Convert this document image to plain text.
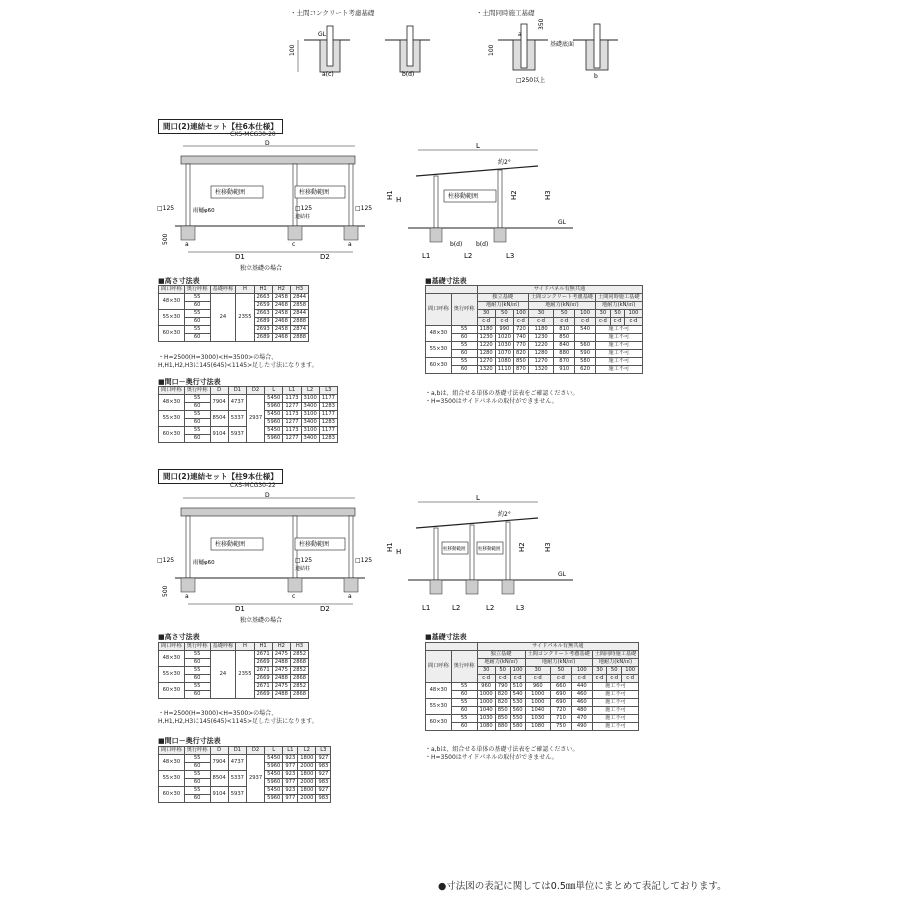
・土間コンクリート考慮基礎	・土間同時施工基礎
100
GL
a(c)	b(d)
100
350
□250以上
a
基礎底面
b
間口(2)連結セット【柱6本仕様】
CXS-MCG30-20
D
柱移動範囲	柱移動範囲
雨樋φ60
□125	□125
連結柱
□125
500	a	c	a
D1	D2
独立基礎の場合
L
約2°
柱移動範囲
H1 H	H2	H3
GL
b(d) b(d)
L1	L2	L3
■高さ寸法表
間口呼称	奥行呼称	基礎呼称	H	H1	H2	H3
48×30	55	24	2355	2663	2458	2844
	60			2659	2468	2858
55×30	55			2663	2458	2844
	60			2689	2468	2888
60×30	55			2693	2458	2874
	60			2689	2468	2888
・H=2500(H=3000)<H=3500>の場合、
H,H1,H2,H3に145(645)<1145>足した寸法になります。
■間口－奥行寸法表
間口呼称	奥行呼称	D	D1	D2	L	L1	L2	L3
48×30	55	7904	4737	2937	5450	1173	3100	1177
	60				5960	1277	3400	1283
55×30	55	8504	5337		5450	1173	3100	1177
	60				5960	1277	3400	1283
60×30	55	9104	5937		5450	1173	3100	1177
	60				5960	1277	3400	1283
■基礎寸法表
		サイドパネル有無共通								
間口呼称	奥行呼称	独立基礎			土間コンクリート考慮基礎			土間同時施工基礎		
		地耐力(kN/㎡)			地耐力(kN/㎡)			地耐力(kN/㎡)		
		30	50	100	30	50	100	30	50	100
		c·d	c·d	c·d	c·d	c·d	c·d	c·d	c·d	c·d
48×30	55	1180	990	720	1180	810	540	施工不可		
	60	1230	1020	740	1230	850		施工不可		
55×30	55	1220	1030	770	1220	840	560	施工不可		
	60	1280	1070	820	1280	880	590	施工不可		
60×30	55	1270	1080	850	1270	870	580	施工不可		
	60	1320	1110	870	1320	910	620	施工不可		
・a,bは、組合せる単体の基礎寸法表をご確認ください。
・H=3500はサイドパネルの取付ができません。
間口(2)連結セット【柱9本仕様】
CXS-MCG30-22
D
柱移動範囲	柱移動範囲
雨樋φ60
□125	□125
連結柱
□125
500	a	c	a
D1	D2
独立基礎の場合
L
約2°
柱移動範囲	柱移動範囲
H1 H	H2	H3
GL
L1	L2	L2	L3
■高さ寸法表
間口呼称	奥行呼称	基礎呼称	H	H1	H2	H3
48×30	55	24	2355	2671	2475	2852
	60			2669	2488	2868
55×30	55			2671	2475	2852
	60			2669	2488	2868
60×30	55			2671	2475	2852
	60			2669	2488	2868
・H=2500(H=3000)<H=3500>の場合、
H,H1,H2,H3に145(645)<1145>足した寸法になります。
■間口－奥行寸法表
間口呼称	奥行呼称	D	D1	D2	L	L1	L2	L3
48×30	55	7904	4737	2937	5450	923	1800	927
	60				5960	977	2000	983
55×30	55	8504	5337		5450	923	1800	927
	60				5960	977	2000	983
60×30	55	9104	5937		5450	923	1800	927
	60				5960	977	2000	983
■基礎寸法表
		サイドパネル有無共通								
間口呼称	奥行呼称	独立基礎			土間コンクリート考慮基礎			土間同時施工基礎		
		地耐力(kN/㎡)			地耐力(kN/㎡)			地耐力(kN/㎡)		
		30	50	100	30	50	100	30	50	100
		c·d	c·d	c·d	c·d	c·d	c·d	c·d	c·d	c·d
48×30	55	960	790	510	960	660	440	施工不可		
	60	1000	820	540	1000	690	460	施工不可		
55×30	55	1000	820	530	1000	690	460	施工不可		
	60	1040	850	560	1040	720	480	施工不可		
60×30	55	1030	850	550	1030	710	470	施工不可		
	60	1080	880	580	1080	750	490	施工不可		
・a,bは、組合せる単体の基礎寸法表をご確認ください。
・H=3500はサイドパネルの取付ができません。
●寸法図の表記に関しては0.5㎜単位にまとめて表記しております。
